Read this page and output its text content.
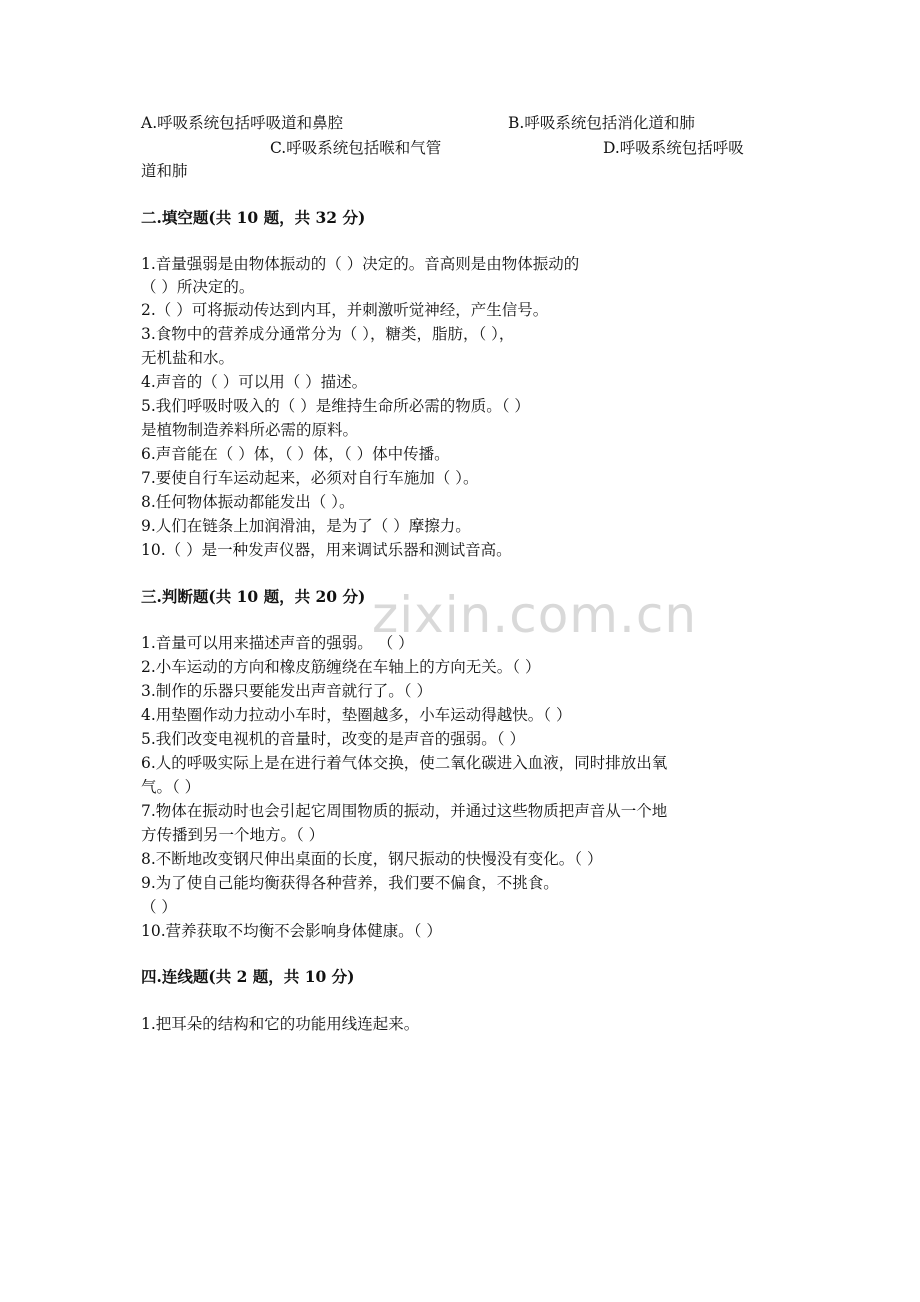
A.呼吸系统包括呼吸道和鼻腔	B.呼吸系统包括消化道和肺
C.呼吸系统包括喉和气管	D.呼吸系统包括呼吸
道和肺
二.填空题(共 10 题，共 32 分)
1.音量强弱是由物体振动的（ ）决定的。音高则是由物体振动的
（ ）所决定的。
2.（ ）可将振动传达到内耳，并刺激听觉神经，产生信号。
3.食物中的营养成分通常分为（ ），糖类，脂肪，（ ），
无机盐和水。
4.声音的（ ）可以用（ ）描述。
5.我们呼吸时吸入的（ ）是维持生命所必需的物质。（ ）
是植物制造养料所必需的原料。
6.声音能在（ ）体，（ ）体，（ ）体中传播。
7.要使自行车运动起来，必须对自行车施加（ ）。
8.任何物体振动都能发出（ ）。
9.人们在链条上加润滑油，是为了（ ）摩擦力。
10.（ ）是一种发声仪器，用来调试乐器和测试音高。
三.判断题(共 10 题，共 20 分)
1.音量可以用来描述声音的强弱。 （ ）
2.小车运动的方向和橡皮筋缠绕在车轴上的方向无关。（ ）
3.制作的乐器只要能发出声音就行了。（ ）
4.用垫圈作动力拉动小车时，垫圈越多，小车运动得越快。（ ）
5.我们改变电视机的音量时，改变的是声音的强弱。（ ）
6.人的呼吸实际上是在进行着气体交换，使二氧化碳进入血液，同时排放出氧
气。（ ）
7.物体在振动时也会引起它周围物质的振动，并通过这些物质把声音从一个地
方传播到另一个地方。（ ）
8.不断地改变钢尺伸出桌面的长度，钢尺振动的快慢没有变化。（ ）
9.为了使自己能均衡获得各种营养，我们要不偏食，不挑食。
（ ）
10.营养获取不均衡不会影响身体健康。（ ）
四.连线题(共 2 题，共 10 分)
1.把耳朵的结构和它的功能用线连起来。
zixin.com.cn
